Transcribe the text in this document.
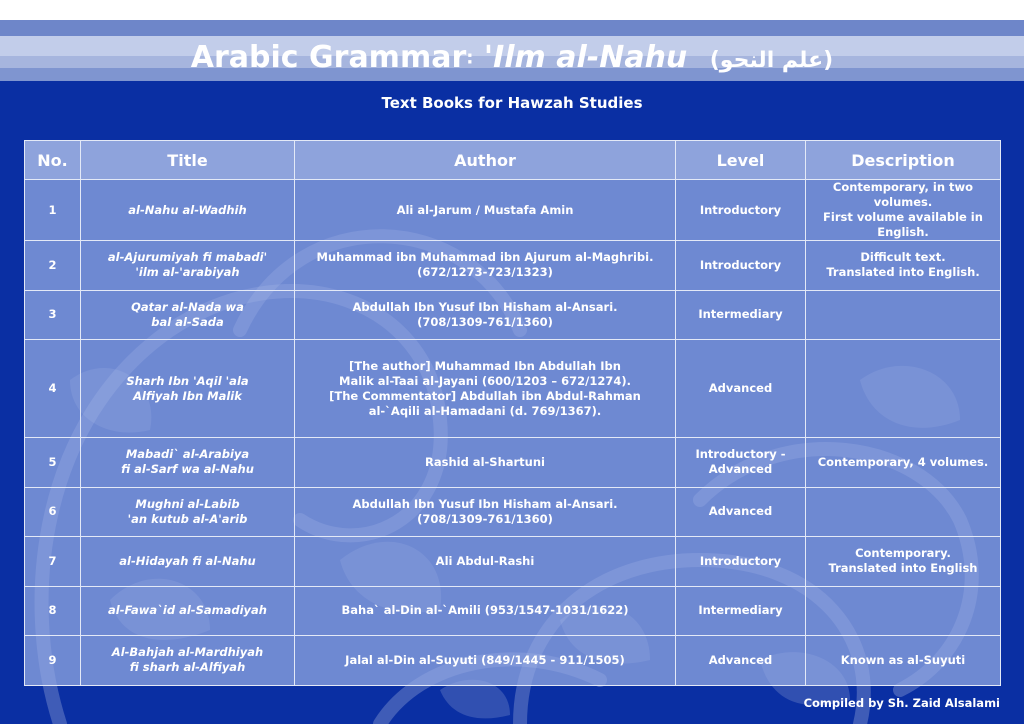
Arabic Grammar: 'Ilm al-Nahu (علم النحو)
Text Books for Hawzah Studies
No.	Title	Author	Level	Description
1	al-Nahu al-Wadhih	Ali al-Jarum / Mustafa Amin	Introductory	Contemporary, in two volumes.
First volume available in English.
2	al-Ajurumiyah fi mabadi'
'ilm al-'arabiyah	Muhammad ibn Muhammad ibn Ajurum al-Maghribi.
(672/1273-723/1323)	Introductory	Difficult text.
Translated into English.
3	Qatar al-Nada wa
bal al-Sada	Abdullah Ibn Yusuf Ibn Hisham al-Ansari.
(708/1309-761/1360)	Intermediary	
4	Sharh Ibn 'Aqil 'ala
Alfiyah Ibn Malik	[The author] Muhammad Ibn Abdullah Ibn
Malik al-Taai al-Jayani (600/1203 – 672/1274).
[The Commentator] Abdullah ibn Abdul-Rahman
al-`Aqili al-Hamadani (d. 769/1367).	Advanced	
5	Mabadi` al-Arabiya
fi al-Sarf wa al-Nahu	Rashid al-Shartuni	Introductory -
Advanced	Contemporary, 4 volumes.
6	Mughni al-Labib
'an kutub al-A'arib	Abdullah Ibn Yusuf Ibn Hisham al-Ansari.
(708/1309-761/1360)	Advanced	
7	al-Hidayah fi al-Nahu	Ali Abdul-Rashi	Introductory	Contemporary.
Translated into English
8	al-Fawa`id al-Samadiyah	Baha` al-Din al-`Amili (953/1547-1031/1622)	Intermediary	
9	Al-Bahjah al-Mardhiyah
fi sharh al-Alfiyah	Jalal al-Din al-Suyuti (849/1445 - 911/1505)	Advanced	Known as al-Suyuti
Compiled by Sh. Zaid Alsalami
